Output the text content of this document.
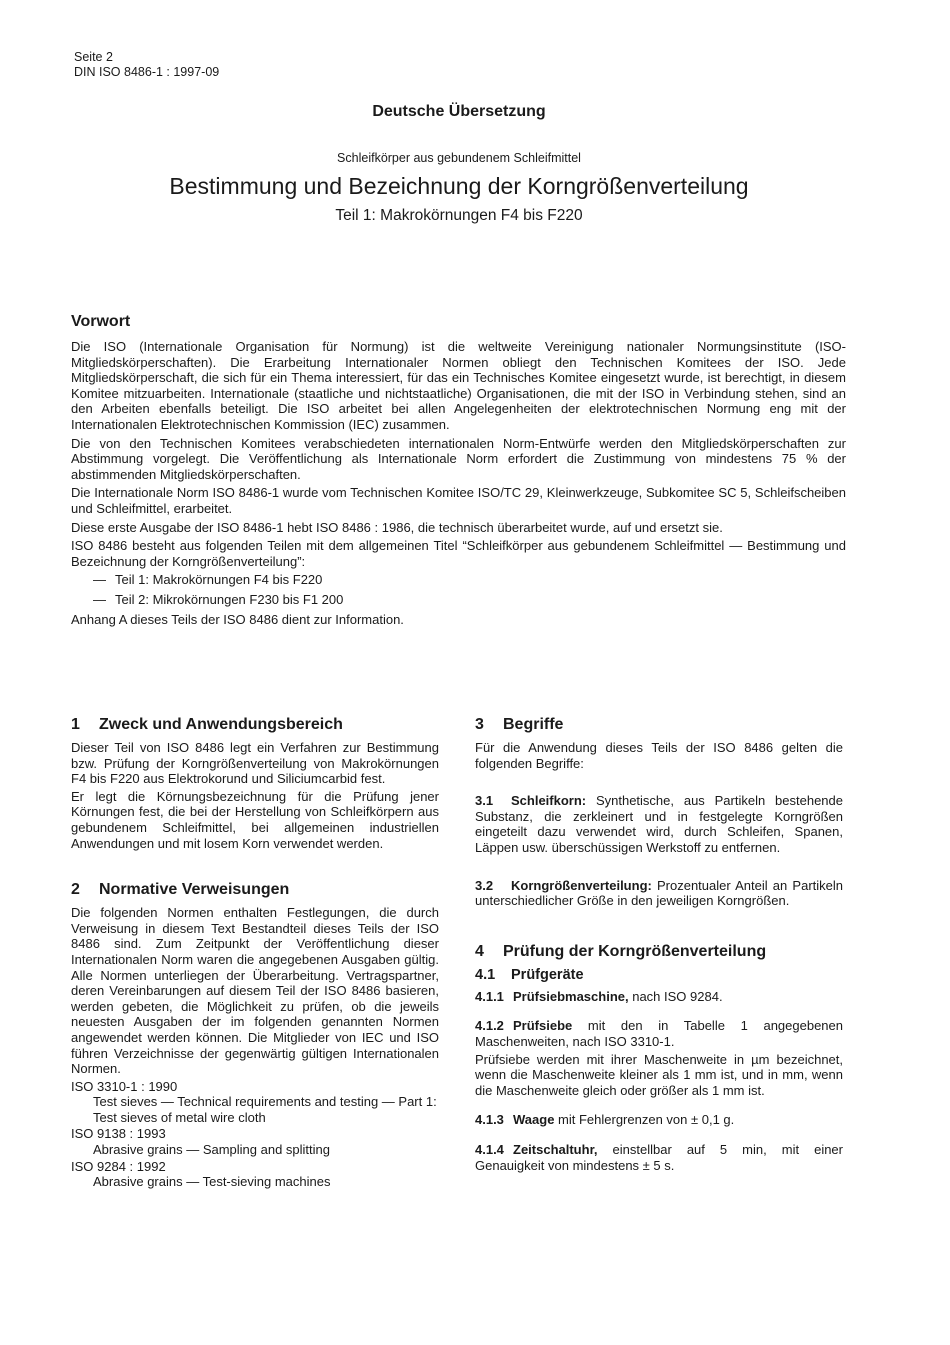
Seite 2
DIN ISO 8486-1 : 1997-09
Deutsche Übersetzung
Schleifkörper aus gebundenem Schleifmittel
Bestimmung und Bezeichnung der Korngrößenverteilung
Teil 1: Makrokörnungen F4 bis F220
Vorwort

Die ISO (Internationale Organisation für Normung) ist die weltweite Vereinigung nationaler Normungsinstitute (ISO-Mitgliedskörperschaften). Die Erarbeitung Internationaler Normen obliegt den Technischen Komitees der ISO. Jede Mitgliedskörperschaft, die sich für ein Thema interessiert, für das ein Technisches Komitee eingesetzt wurde, ist berechtigt, in diesem Komitee mitzuarbeiten. Internationale (staatliche und nichtstaatliche) Organisationen, die mit der ISO in Verbindung stehen, sind an den Arbeiten ebenfalls beteiligt. Die ISO arbeitet bei allen Angelegenheiten der elektrotechnischen Normung eng mit der Internationalen Elektrotechnischen Kommission (IEC) zusammen.

Die von den Technischen Komitees verabschiedeten internationalen Norm-Entwürfe werden den Mitgliedskörperschaften zur Abstimmung vorgelegt. Die Veröffentlichung als Internationale Norm erfordert die Zustimmung von mindestens 75 % der abstimmenden Mitgliedskörperschaften.

Die Internationale Norm ISO 8486-1 wurde vom Technischen Komitee ISO/TC 29, Kleinwerkzeuge, Subkomitee SC 5, Schleifscheiben und Schleifmittel, erarbeitet.

Diese erste Ausgabe der ISO 8486-1 hebt ISO 8486 : 1986, die technisch überarbeitet wurde, auf und ersetzt sie.

ISO 8486 besteht aus folgenden Teilen mit dem allgemeinen Titel “Schleifkörper aus gebundenem Schleifmittel — Bestimmung und Bezeichnung der Korngrößenverteilung”:

— Teil 1: Makrokörnungen F4 bis F220
— Teil 2: Mikrokörnungen F230 bis F1 200

Anhang A dieses Teils der ISO 8486 dient zur Information.

1 Zweck und Anwendungsbereich

Dieser Teil von ISO 8486 legt ein Verfahren zur Bestimmung bzw. Prüfung der Korngrößenverteilung von Makrokörnungen F4 bis F220 aus Elektrokorund und Siliciumcarbid fest.

Er legt die Körnungsbezeichnung für die Prüfung jener Körnungen fest, die bei der Herstellung von Schleifkörpern aus gebundenem Schleifmittel, bei allgemeinen industriellen Anwendungen und mit losem Korn verwendet werden.

2 Normative Verweisungen

Die folgenden Normen enthalten Festlegungen, die durch Verweisung in diesem Text Bestandteil dieses Teils der ISO 8486 sind. Zum Zeitpunkt der Veröffentlichung dieser Internationalen Norm waren die angegebenen Ausgaben gültig. Alle Normen unterliegen der Überarbeitung. Vertragspartner, deren Vereinbarungen auf diesem Teil der ISO 8486 basieren, werden gebeten, die Möglichkeit zu prüfen, ob die jeweils neuesten Ausgaben der im folgenden genannten Normen angewendet werden können. Die Mitglieder von IEC und ISO führen Verzeichnisse der gegenwärtig gültigen Internationalen Normen.

ISO 3310-1 : 1990
Test sieves — Technical requirements and testing — Part 1: Test sieves of metal wire cloth
ISO 9138 : 1993
Abrasive grains — Sampling and splitting
ISO 9284 : 1992
Abrasive grains — Test-sieving machines
3 Begriffe

Für die Anwendung dieses Teils der ISO 8486 gelten die folgenden Begriffe:

3.1 Schleifkorn: Synthetische, aus Partikeln bestehende Substanz, die zerkleinert und in festgelegte Korngrößen eingeteilt dazu verwendet wird, durch Schleifen, Spanen, Läppen usw. überschüssigen Werkstoff zu entfernen.

3.2 Korngrößenverteilung: Prozentualer Anteil an Partikeln unterschiedlicher Größe in den jeweiligen Korngrößen.

4 Prüfung der Korngrößenverteilung
4.1 Prüfgeräte

4.1.1 Prüfsiebmaschine, nach ISO 9284.

4.1.2 Prüfsiebe mit den in Tabelle 1 angegebenen Maschenweiten, nach ISO 3310-1.

Prüfsiebe werden mit ihrer Maschenweite in µm bezeichnet, wenn die Maschenweite kleiner als 1 mm ist, und in mm, wenn die Maschenweite gleich oder größer als 1 mm ist.

4.1.3 Waage mit Fehlergrenzen von ± 0,1 g.

4.1.4 Zeitschaltuhr, einstellbar auf 5 min, mit einer Genauigkeit von mindestens ± 5 s.
